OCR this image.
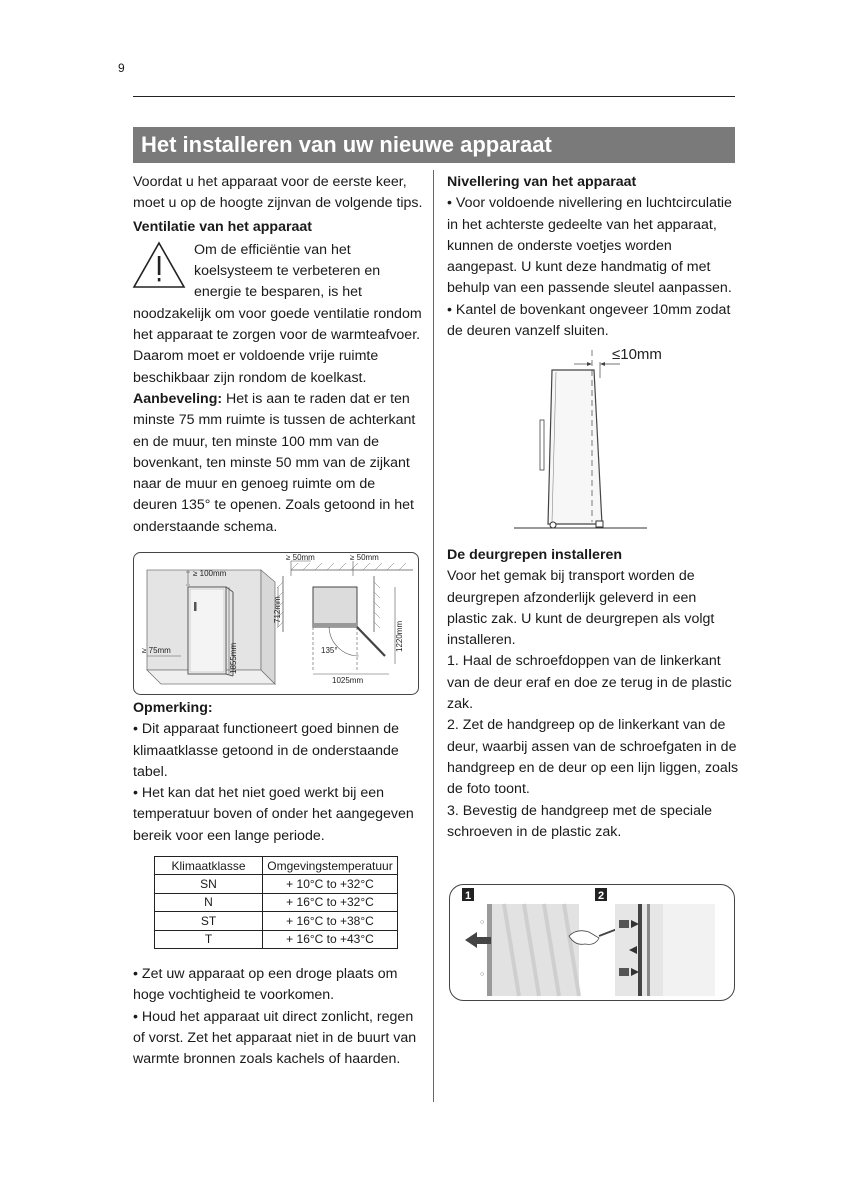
9
Het installeren van uw nieuwe apparaat

Voordat u het apparaat voor de eerste keer, moet u op de hoogte zijnvan de volgende tips.

Ventilatie van het apparaat

Om de efficiëntie van het

koelsysteem te verbeteren en

energie te besparen, is het

noodzakelijk om voor goede ventilatie rondom het apparaat te zorgen voor de warmteafvoer. Daarom moet er voldoende vrije ruimte beschikbaar zijn rondom de koelkast.

Aanbeveling: Het is aan te raden dat er ten minste 75 mm ruimte is tussen de achterkant en de muur, ten minste 100 mm van de bovenkant, ten minste 50 mm van de zijkant naar de muur en genoeg ruimte om de deuren 135° te openen. Zoals getoond in het onderstaande schema.

≥ 100mm
1855mm
≥ 75mm
≥ 50mm	≥ 50mm
135°
712mm
1220mm
1025mm

Opmerking:

• Dit apparaat functioneert goed binnen de klimaatklasse getoond in de onderstaande tabel.

• Het kan dat het niet goed werkt bij een temperatuur boven of onder het aangegeven bereik voor een lange periode.

Klimaatklasse	Omgevingstemperatuur
SN	+ 10°C to +32°C
N	+ 16°C to +32°C
ST	+ 16°C to +38°C
T	+ 16°C to +43°C

• Zet uw apparaat op een droge plaats om hoge vochtigheid te voorkomen.

• Houd het apparaat uit direct zonlicht, regen of vorst. Zet het apparaat niet in de buurt van warmte bronnen zoals kachels of haarden.

Nivellering van het apparaat

• Voor voldoende nivellering en luchtcirculatie in het achterste gedeelte van het apparaat, kunnen de onderste voetjes worden aangepast. U kunt deze handmatig of met behulp van een passende sleutel aanpassen.

• Kantel de bovenkant ongeveer 10mm zodat de deuren vanzelf sluiten.

≤10mm

De deurgrepen installeren

Voor het gemak bij transport worden de deurgrepen afzonderlijk geleverd in een plastic zak. U kunt de deurgrepen als volgt installeren.

1. Haal de schroefdoppen van de linkerkant van de deur eraf en doe ze terug in de plastic zak.

2. Zet de handgreep op de linkerkant van de deur, waarbij assen van de schroefgaten in de handgreep en de deur op een lijn liggen, zoals de foto toont.

3. Bevestig de handgreep met de speciale schroeven in de plastic zak.

1	2
○
○
